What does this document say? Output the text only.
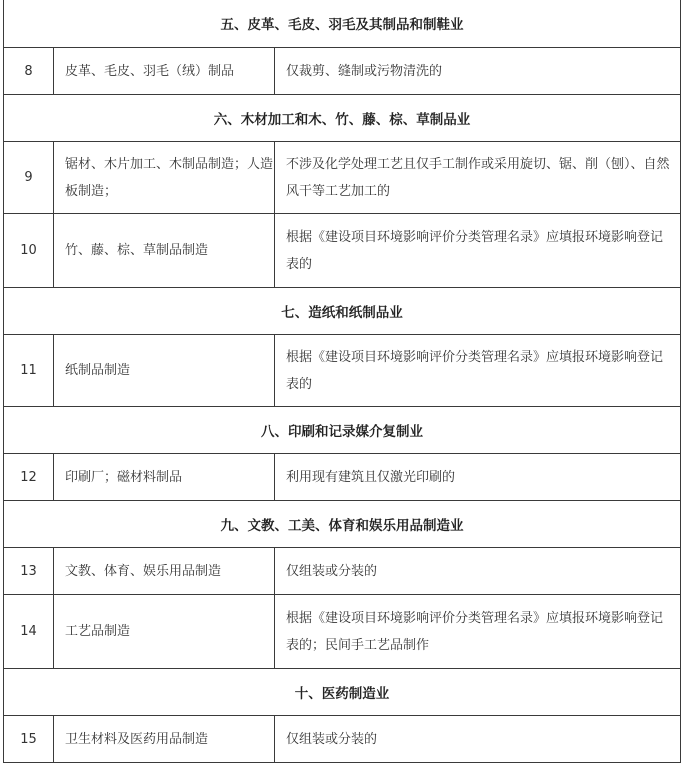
五、皮革、毛皮、羽毛及其制品和制鞋业		
8	皮革、毛皮、羽毛（绒）制品	仅裁剪、缝制或污物清洗的
六、木材加工和木、竹、藤、棕、草制品业		
9	锯材、木片加工、木制品制造；人造板制造；	不涉及化学处理工艺且仅手工制作或采用旋切、锯、削（刨）、自然风干等工艺加工的
10	竹、藤、棕、草制品制造	根据《建设项目环境影响评价分类管理名录》应填报环境影响登记表的
七、造纸和纸制品业		
11	纸制品制造	根据《建设项目环境影响评价分类管理名录》应填报环境影响登记表的
八、印刷和记录媒介复制业		
12	印刷厂；磁材料制品	利用现有建筑且仅激光印刷的
九、文教、工美、体育和娱乐用品制造业		
13	文教、体育、娱乐用品制造	仅组装或分装的
14	工艺品制造	根据《建设项目环境影响评价分类管理名录》应填报环境影响登记表的；民间手工艺品制作
十、医药制造业		
15	卫生材料及医药用品制造	仅组装或分装的
